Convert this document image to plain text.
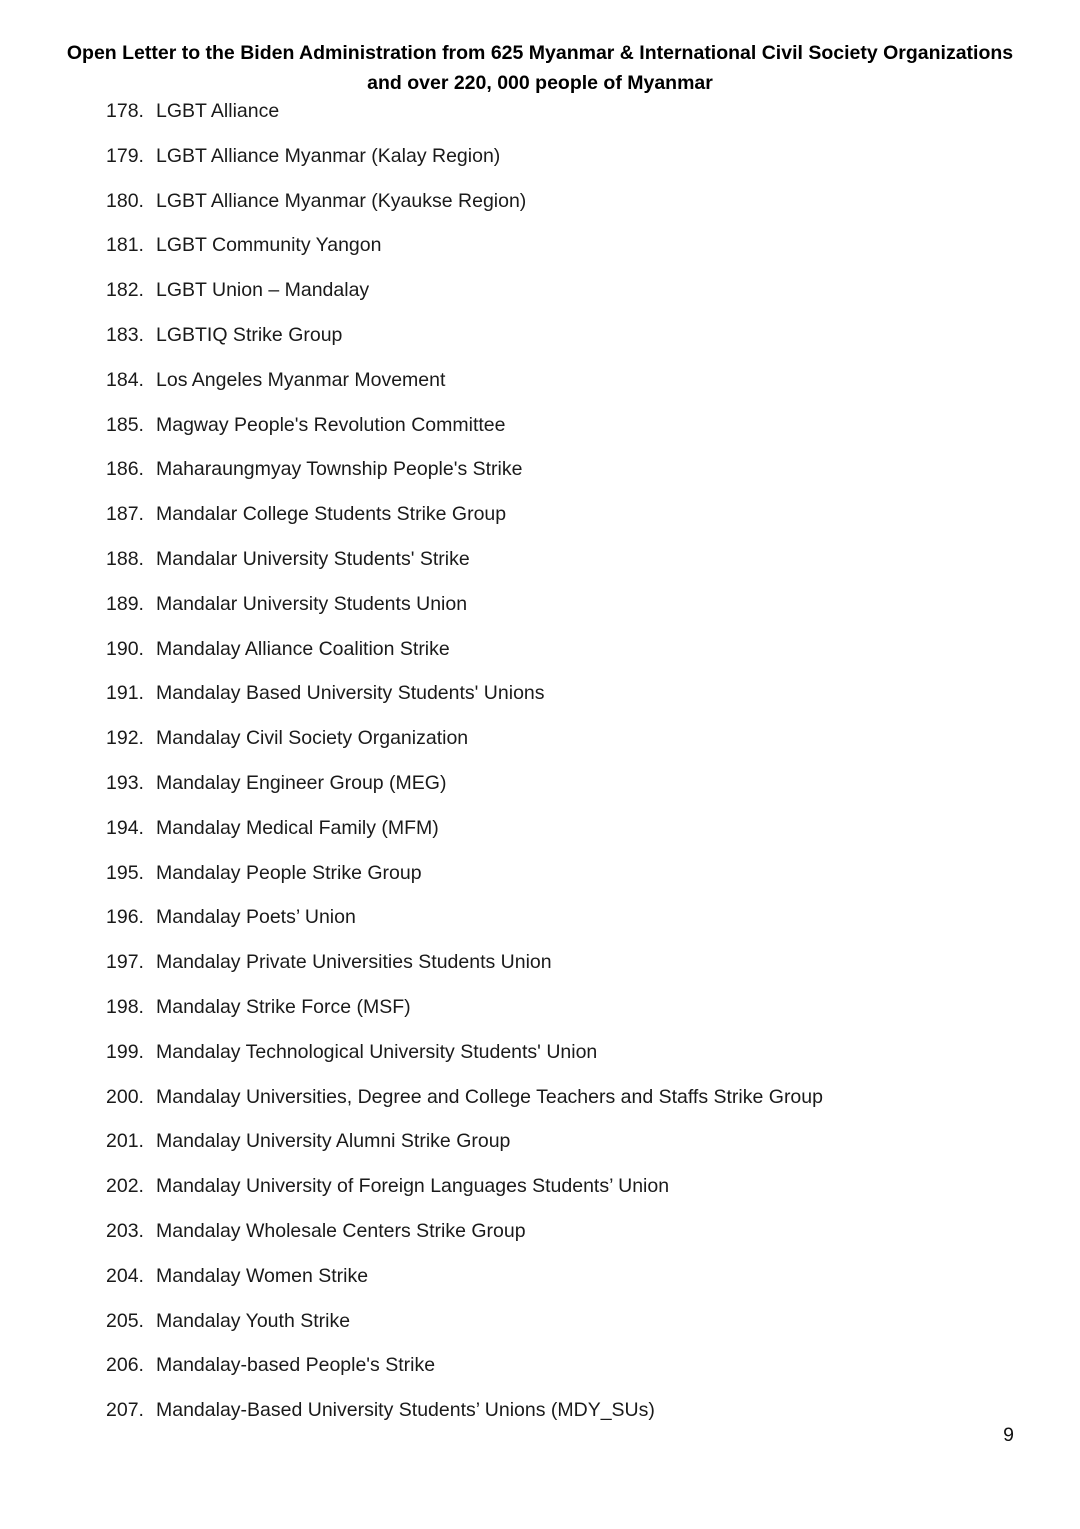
Open Letter to the Biden Administration from 625 Myanmar & International Civil Society Organizations
and over 220, 000 people of Myanmar
178. LGBT Alliance
179. LGBT Alliance Myanmar (Kalay Region)
180. LGBT Alliance Myanmar (Kyaukse Region)
181. LGBT Community Yangon
182. LGBT Union – Mandalay
183. LGBTIQ Strike Group
184. Los Angeles Myanmar Movement
185. Magway People's Revolution Committee
186. Maharaungmyay Township People's Strike
187. Mandalar College Students Strike Group
188. Mandalar University Students' Strike
189. Mandalar University Students Union
190. Mandalay Alliance Coalition Strike
191. Mandalay Based University Students' Unions
192. Mandalay Civil Society Organization
193. Mandalay Engineer Group (MEG)
194. Mandalay Medical Family (MFM)
195. Mandalay People Strike Group
196. Mandalay Poets’ Union
197. Mandalay Private Universities Students Union
198. Mandalay Strike Force (MSF)
199. Mandalay Technological University Students' Union
200. Mandalay Universities, Degree and College Teachers and Staffs Strike Group
201. Mandalay University Alumni Strike Group
202. Mandalay University of Foreign Languages Students’ Union
203. Mandalay Wholesale Centers Strike Group
204. Mandalay Women Strike
205. Mandalay Youth Strike
206. Mandalay-based People's Strike
207. Mandalay-Based University Students’ Unions (MDY_SUs)
9
